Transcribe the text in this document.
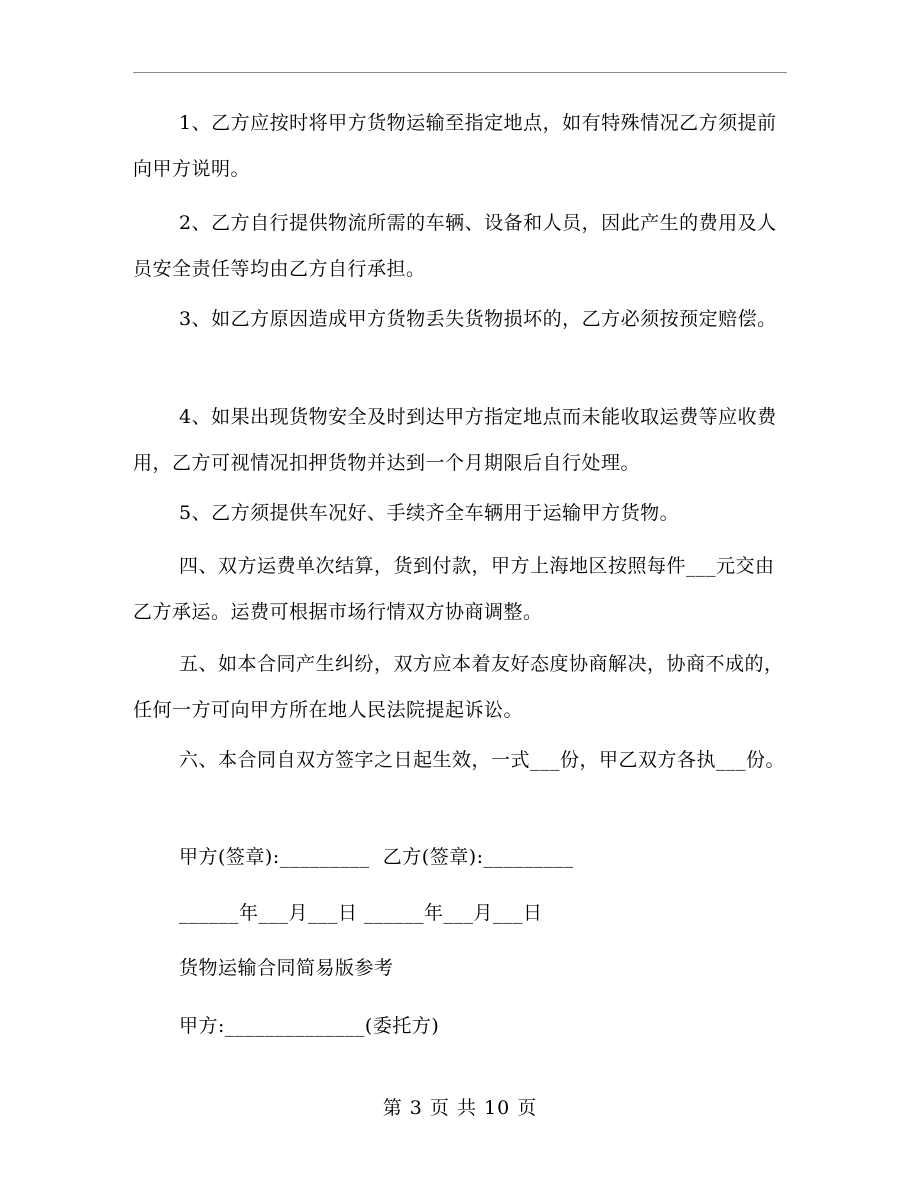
1、乙方应按时将甲方货物运输至指定地点，如有特殊情况乙方须提前向甲方说明。

2、乙方自行提供物流所需的车辆、设备和人员，因此产生的费用及人员安全责任等均由乙方自行承担。

3、如乙方原因造成甲方货物丢失货物损坏的，乙方必须按预定赔偿。

4、如果出现货物安全及时到达甲方指定地点而未能收取运费等应收费用，乙方可视情况扣押货物并达到一个月期限后自行处理。

5、乙方须提供车况好、手续齐全车辆用于运输甲方货物。

四、双方运费单次结算，货到付款，甲方上海地区按照每件___元交由乙方承运。运费可根据市场行情双方协商调整。

五、如本合同产生纠纷，双方应本着友好态度协商解决，协商不成的，任何一方可向甲方所在地人民法院提起诉讼。

六、本合同自双方签字之日起生效，一式___份，甲乙双方各执___份。

甲方(签章):_________  乙方(签章):_________
______年___月___日 ______年___月___日
货物运输合同简易版参考
甲方:______________(委托方)
第 3 页 共 10 页
